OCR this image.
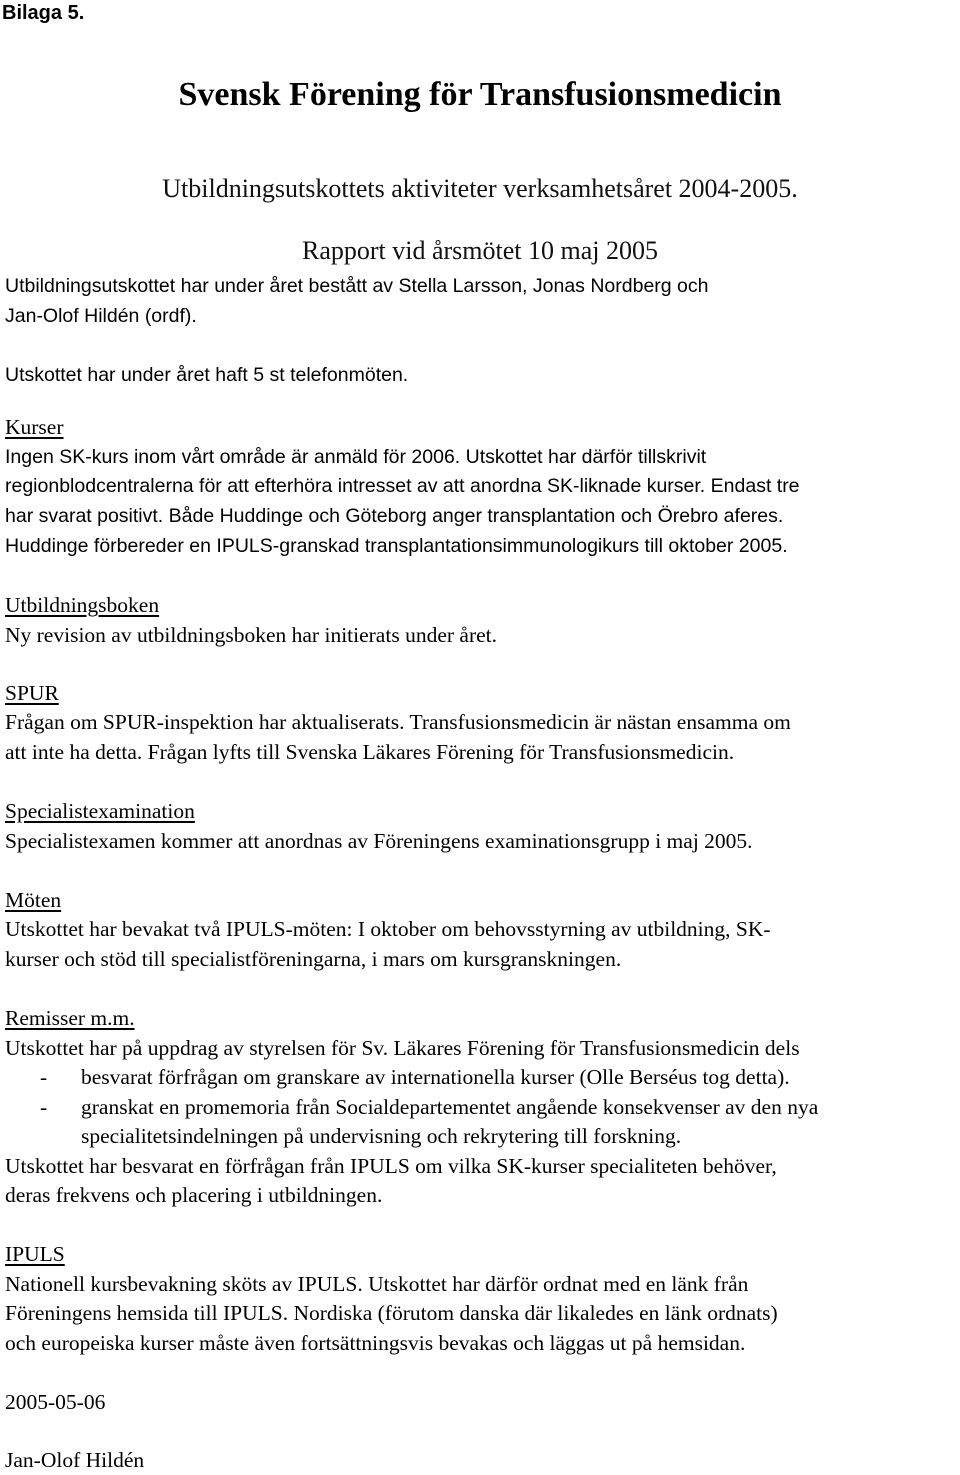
Bilaga 5.
Svensk Förening för Transfusionsmedicin
Utbildningsutskottets aktiviteter verksamhetsåret 2004-2005.
Rapport vid årsmötet 10 maj 2005
Utbildningsutskottet har under året bestått av Stella Larsson, Jonas Nordberg och
Jan-Olof Hildén (ordf).
Utskottet har under året haft 5 st telefonmöten.
Kurser
Ingen SK-kurs inom vårt område är anmäld för 2006. Utskottet har därför tillskrivit
regionblodcentralerna för att efterhöra intresset av att anordna SK-liknade kurser. Endast tre
har svarat positivt. Både Huddinge och Göteborg anger transplantation och Örebro aferes.
Huddinge förbereder en IPULS-granskad transplantationsimmunologikurs till oktober 2005.
Utbildningsboken
Ny revision av utbildningsboken har initierats under året.
SPUR
Frågan om SPUR-inspektion har aktualiserats. Transfusionsmedicin är nästan ensamma om
att inte ha detta. Frågan lyfts till Svenska Läkares Förening för Transfusionsmedicin.
Specialistexamination
Specialistexamen kommer att anordnas av Föreningens examinationsgrupp i maj 2005.
Möten
Utskottet har bevakat två IPULS-möten: I oktober om behovsstyrning av utbildning, SK-
kurser och stöd till specialistföreningarna, i mars om kursgranskningen.
Remisser m.m.
Utskottet har på uppdrag av styrelsen för Sv. Läkares Förening för Transfusionsmedicin dels
- besvarat förfrågan om granskare av internationella kurser (Olle Berséus tog detta).
- granskat en promemoria från Socialdepartementet angående konsekvenser av den nya
specialitetsindelningen på undervisning och rekrytering till forskning.
Utskottet har besvarat en förfrågan från IPULS om vilka SK-kurser specialiteten behöver,
deras frekvens och placering i utbildningen.
IPULS
Nationell kursbevakning sköts av IPULS. Utskottet har därför ordnat med en länk från
Föreningens hemsida till IPULS. Nordiska (förutom danska där likaledes en länk ordnats)
och europeiska kurser måste även fortsättningsvis bevakas och läggas ut på hemsidan.
2005-05-06
Jan-Olof Hildén
